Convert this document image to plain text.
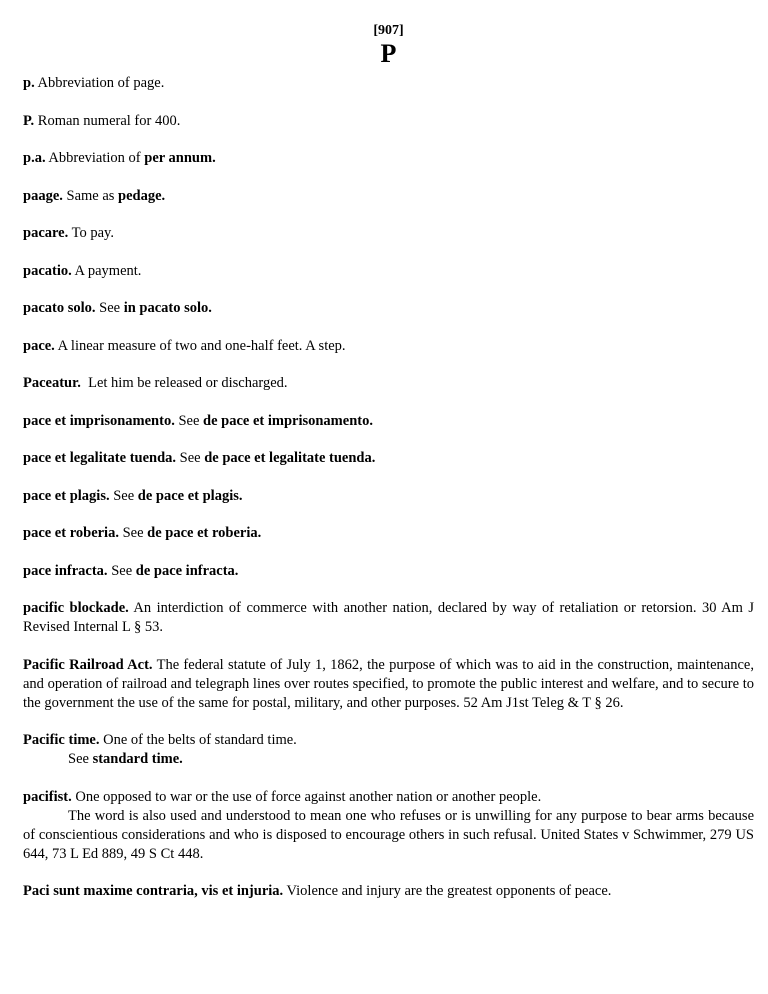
[907]
P

p. Abbreviation of page.

P. Roman numeral for 400.

p.a. Abbreviation of per annum.

paage. Same as pedage.

pacare. To pay.

pacatio. A payment.

pacato solo. See in pacato solo.

pace. A linear measure of two and one-half feet. A step.

Paceatur.  Let him be released or discharged.

pace et imprisonamento. See de pace et imprisonamento.

pace et legalitate tuenda. See de pace et legalitate tuenda.

pace et plagis. See de pace et plagis.

pace et roberia. See de pace et roberia.

pace infracta. See de pace infracta.

pacific blockade. An interdiction of commerce with another nation, declared by way of retaliation or retorsion. 30 Am J Revised Internal L § 53.

Pacific Railroad Act. The federal statute of July 1, 1862, the purpose of which was to aid in the construction, maintenance, and operation of railroad and telegraph lines over routes specified, to promote the public interest and welfare, and to secure to the government the use of the same for postal, military, and other purposes. 52 Am J1st Teleg & T § 26.

Pacific time. One of the belts of standard time.

See standard time.

pacifist. One opposed to war or the use of force against another nation or another people.

The word is also used and understood to mean one who refuses or is unwilling for any purpose to bear arms because of conscientious considerations and who is disposed to encourage others in such refusal. United States v Schwimmer, 279 US 644, 73 L Ed 889, 49 S Ct 448.

Paci sunt maxime contraria, vis et injuria. Violence and injury are the greatest opponents of peace.
